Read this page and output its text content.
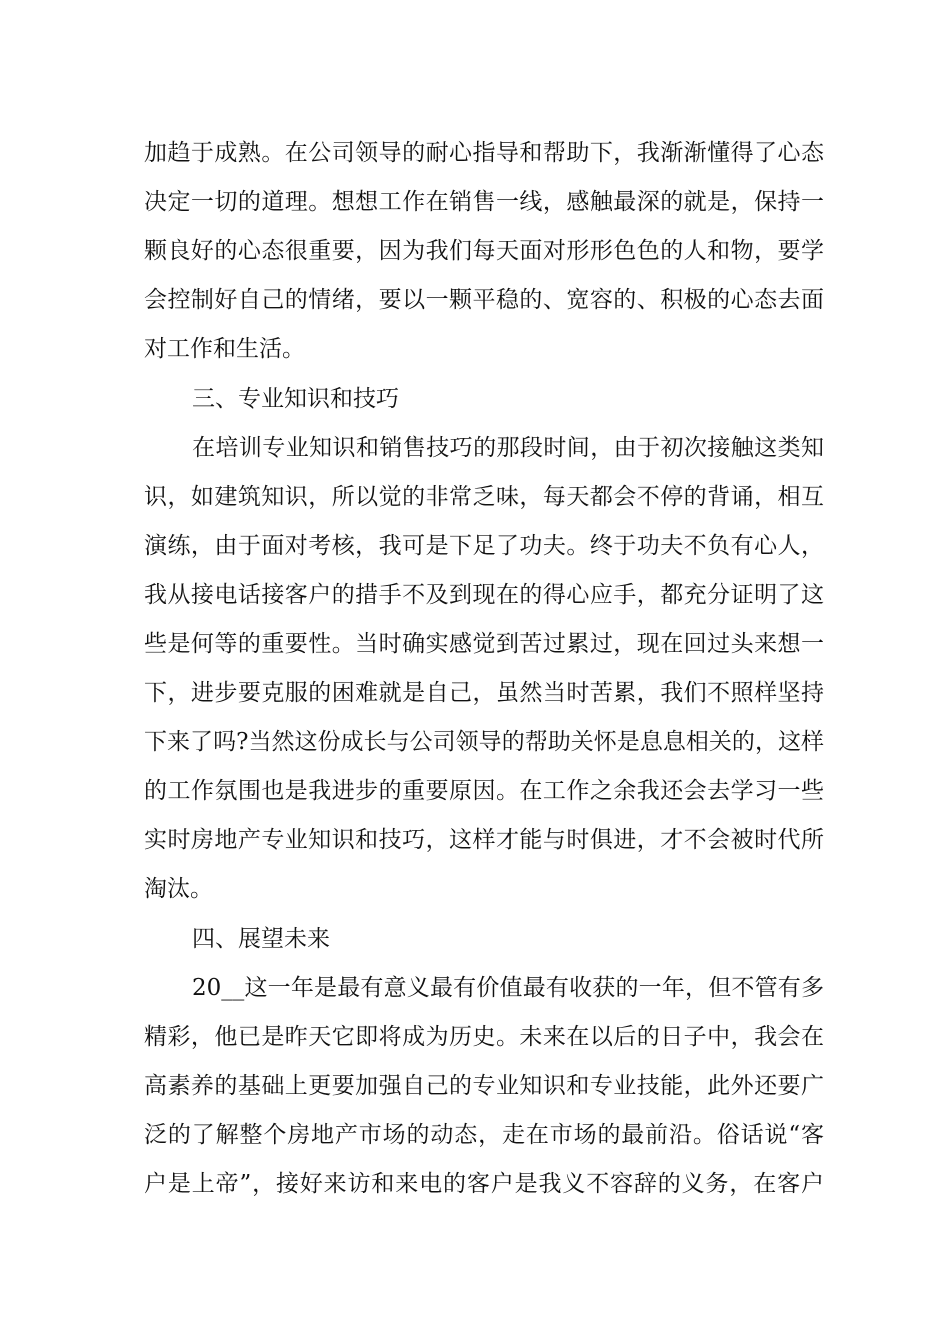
加趋于成熟。在公司领导的耐心指导和帮助下，我渐渐懂得了心态

决定一切的道理。想想工作在销售一线，感触最深的就是，保持一

颗良好的心态很重要，因为我们每天面对形形色色的人和物，要学

会控制好自己的情绪，要以一颗平稳的、宽容的、积极的心态去面

对工作和生活。

三、专业知识和技巧

在培训专业知识和销售技巧的那段时间，由于初次接触这类知

识，如建筑知识，所以觉的非常乏味，每天都会不停的背诵，相互

演练，由于面对考核，我可是下足了功夫。终于功夫不负有心人，

我从接电话接客户的措手不及到现在的得心应手，都充分证明了这

些是何等的重要性。当时确实感觉到苦过累过，现在回过头来想一

下，进步要克服的困难就是自己，虽然当时苦累，我们不照样坚持

下来了吗?当然这份成长与公司领导的帮助关怀是息息相关的，这样

的工作氛围也是我进步的重要原因。在工作之余我还会去学习一些

实时房地产专业知识和技巧，这样才能与时俱进，才不会被时代所

淘汰。

四、展望未来

20__这一年是最有意义最有价值最有收获的一年，但不管有多

精彩，他已是昨天它即将成为历史。未来在以后的日子中，我会在

高素养的基础上更要加强自己的专业知识和专业技能，此外还要广

泛的了解整个房地产市场的动态，走在市场的最前沿。俗话说“客

户是上帝”，接好来访和来电的客户是我义不容辞的义务，在客户
